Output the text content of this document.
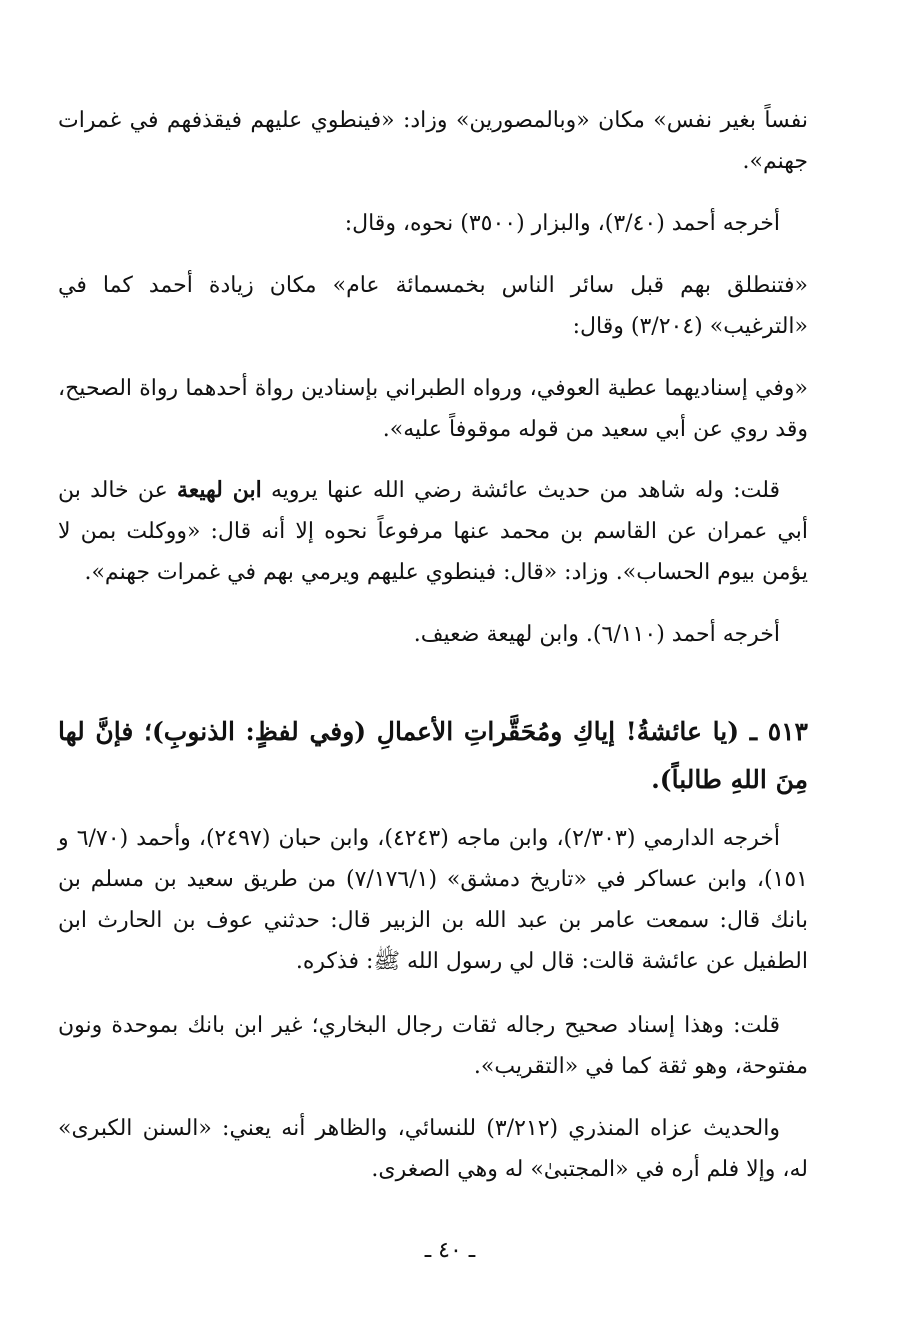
نفساً بغير نفس» مكان «وبالمصورين» وزاد: «فينطوي عليهم فيقذفهم في غمرات جهنم».

أخرجه أحمد (٣/٤٠)، والبزار (٣٥٠٠) نحوه، وقال:

«فتنطلق بهم قبل سائر الناس بخمسمائة عام» مكان زيادة أحمد كما في «الترغيب» (٣/٢٠٤) وقال:

«وفي إسناديهما عطية العوفي، ورواه الطبراني بإسنادين رواة أحدهما رواة الصحيح، وقد روي عن أبي سعيد من قوله موقوفاً عليه».

قلت: وله شاهد من حديث عائشة رضي الله عنها يرويه ابن لهيعة عن خالد بن أبي عمران عن القاسم بن محمد عنها مرفوعاً نحوه إلا أنه قال: «ووكلت بمن لا يؤمن بيوم الحساب». وزاد: «قال: فينطوي عليهم ويرمي بهم في غمرات جهنم».

أخرجه أحمد (٦/١١٠). وابن لهيعة ضعيف.

٥١٣ ـ (يا عائشةُ! إياكِ ومُحَقَّراتِ الأعمالِ (وفي لفظٍ: الذنوبِ)؛ فإنَّ لها مِنَ اللهِ طالباً).

أخرجه الدارمي (٢/٣٠٣)، وابن ماجه (٤٢٤٣)، وابن حبان (٢٤٩٧)، وأحمد (٦/٧٠ و ١٥١)، وابن عساكر في «تاريخ دمشق» (٧/١٧٦/١) من طريق سعيد بن مسلم بن بانك قال: سمعت عامر بن عبد الله بن الزبير قال: حدثني عوف بن الحارث ابن الطفيل عن عائشة قالت: قال لي رسول الله ﷺ: فذكره.

قلت: وهذا إسناد صحيح رجاله ثقات رجال البخاري؛ غير ابن بانك بموحدة ونون مفتوحة، وهو ثقة كما في «التقريب».

والحديث عزاه المنذري (٣/٢١٢) للنسائي، والظاهر أنه يعني: «السنن الكبرى» له، وإلا فلم أره في «المجتبىٰ» له وهي الصغرى.

ـ ٤٠ ـ
